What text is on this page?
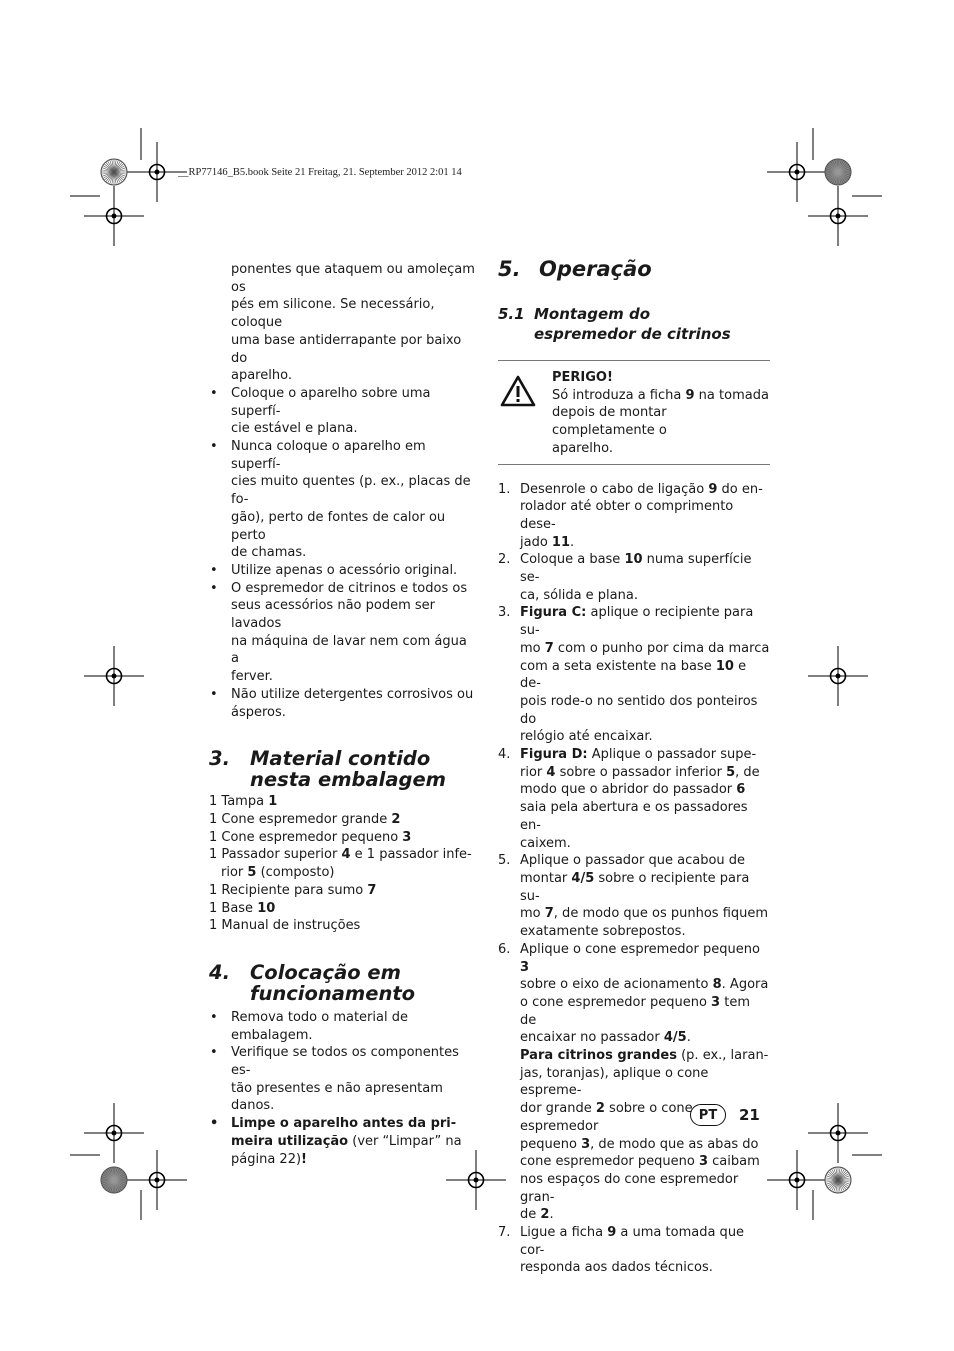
__RP77146_B5.book Seite 21 Freitag, 21. September 2012 2:01 14

ponentes que ataquem ou amoleçam os

pés em silicone. Se necessário, coloque

uma base antiderrapante por baixo do

aparelho.

• Coloque o aparelho sobre uma superfí-

cie estável e plana.

• Nunca coloque o aparelho em superfí-

cies muito quentes (p. ex., placas de fo-

gão), perto de fontes de calor ou perto

de chamas.

• Utilize apenas o acessório original.

• O espremedor de citrinos e todos os

seus acessórios não podem ser lavados

na máquina de lavar nem com água a

ferver.

• Não utilize detergentes corrosivos ou

ásperos.

3. Material contido
nesta embalagem

1 Tampa 1

1 Cone espremedor grande 2

1 Cone espremedor pequeno 3

1 Passador superior 4 e 1 passador infe-
rior 5 (composto)

1 Recipiente para sumo 7

1 Base 10

1 Manual de instruções

4. Colocação em
funcionamento

• Remova todo o material de embalagem.

• Verifique se todos os componentes es-

tão presentes e não apresentam danos.

• Limpe o aparelho antes da pri-

meira utilização (ver “Limpar” na

página 22)!

5. Operação
5.1 Montagem do
espremedor de citrinos

PERIGO!

Só introduza a ficha 9 na tomada

depois de montar completamente o

aparelho.

1. Desenrole o cabo de ligação 9 do en-

rolador até obter o comprimento dese-

jado 11.

2. Coloque a base 10 numa superfície se-

ca, sólida e plana.

3. Figura C: aplique o recipiente para su-

mo 7 com o punho por cima da marca

com a seta existente na base 10 e de-

pois rode-o no sentido dos ponteiros do

relógio até encaixar.

4. Figura D: Aplique o passador supe-

rior 4 sobre o passador inferior 5, de

modo que o abridor do passador 6

saia pela abertura e os passadores en-

caixem.

5. Aplique o passador que acabou de

montar 4/5 sobre o recipiente para su-

mo 7, de modo que os punhos fiquem

exatamente sobrepostos.

6. Aplique o cone espremedor pequeno 3

sobre o eixo de acionamento 8. Agora

o cone espremedor pequeno 3 tem de

encaixar no passador 4/5.

Para citrinos grandes (p. ex., laran-

jas, toranjas), aplique o cone espreme-

dor grande 2 sobre o cone espremedor

pequeno 3, de modo que as abas do

cone espremedor pequeno 3 caibam

nos espaços do cone espremedor gran-

de 2.

7. Ligue a ficha 9 a uma tomada que cor-

responda aos dados técnicos.

PT	21
